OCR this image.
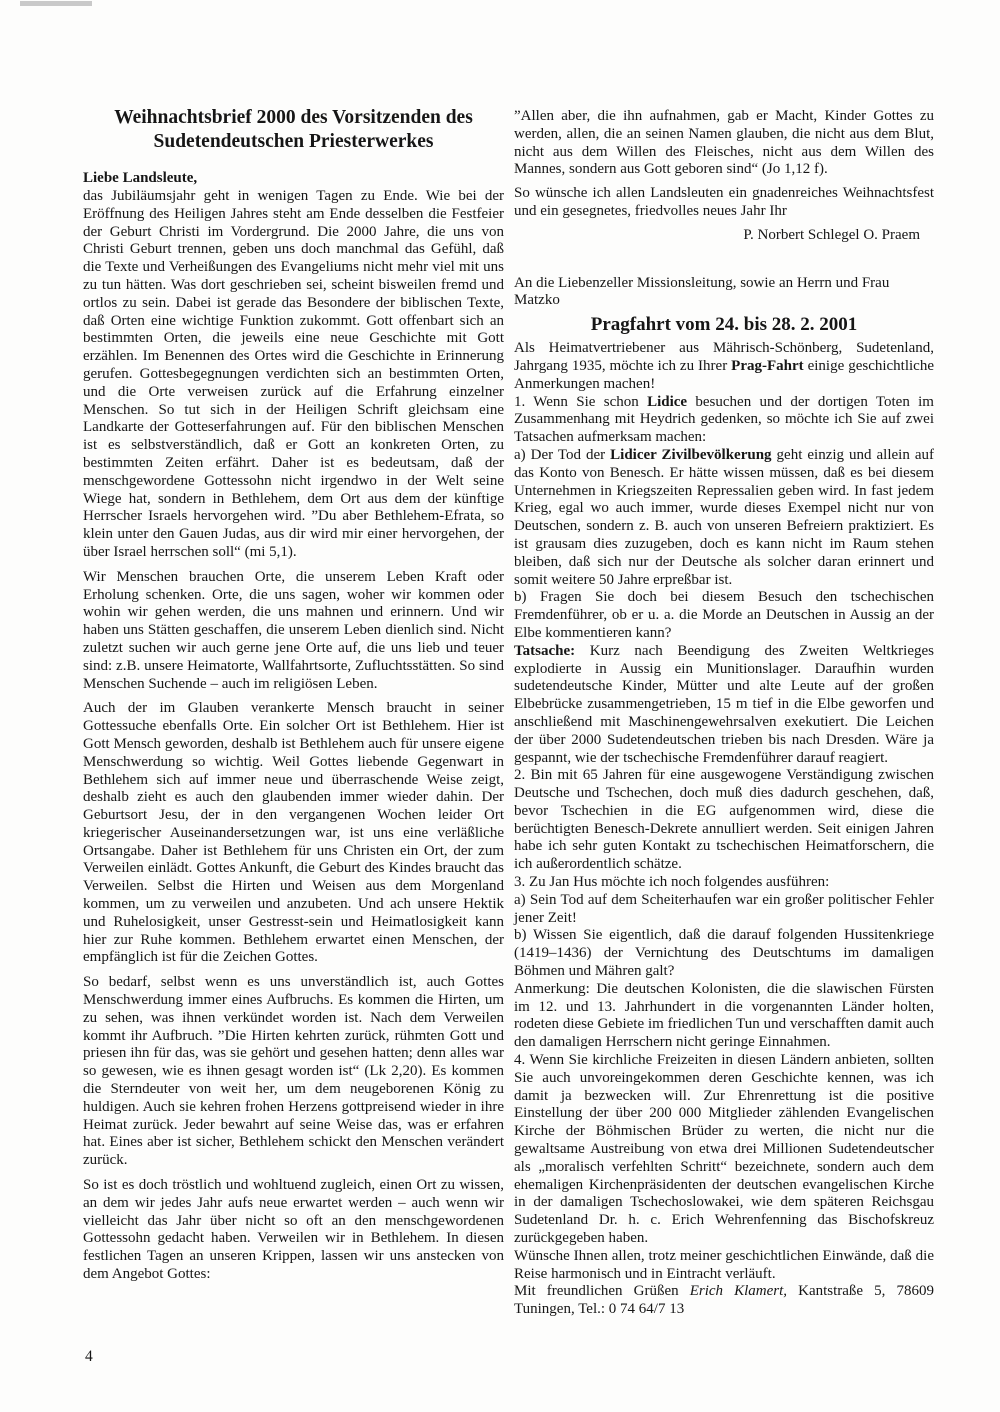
Weihnachtsbrief 2000 des Vorsitzenden des
Sudetendeutschen Priesterwerkes

Liebe Landsleute,

das Jubiläumsjahr geht in wenigen Tagen zu Ende. Wie bei der Eröffnung des Heiligen Jahres steht am Ende desselben die Festfeier der Geburt Christi im Vordergrund. Die 2000 Jahre, die uns von Christi Geburt trennen, geben uns doch manchmal das Gefühl, daß die Texte und Verheißungen des Evangeliums nicht mehr viel mit uns zu tun hätten. Was dort geschrieben sei, scheint bisweilen fremd und ortlos zu sein. Dabei ist gerade das Besondere der biblischen Texte, daß Orten eine wichtige Funktion zukommt. Gott offenbart sich an bestimmten Orten, die jeweils eine neue Geschichte mit Gott erzählen. Im Benennen des Ortes wird die Geschichte in Erinnerung gerufen. Gottesbegegnungen verdichten sich an bestimmten Orten, und die Orte verweisen zurück auf die Erfahrung einzelner Menschen. So tut sich in der Heiligen Schrift gleichsam eine Landkarte der Gotteserfahrungen auf. Für den biblischen Menschen ist es selbstverständlich, daß er Gott an konkreten Orten, zu bestimmten Zeiten erfährt. Daher ist es bedeutsam, daß der menschgewordene Gottessohn nicht irgendwo in der Welt seine Wiege hat, sondern in Bethlehem, dem Ort aus dem der künftige Herrscher Israels hervorgehen wird. ”Du aber Bethlehem-Efrata, so klein unter den Gauen Judas, aus dir wird mir einer hervorgehen, der über Israel herrschen soll“ (mi 5,1).

Wir Menschen brauchen Orte, die unserem Leben Kraft oder Erholung schenken. Orte, die uns sagen, woher wir kommen oder wohin wir gehen werden, die uns mahnen und erinnern. Und wir haben uns Stätten geschaffen, die unserem Leben dienlich sind. Nicht zuletzt suchen wir auch gerne jene Orte auf, die uns lieb und teuer sind: z.B. unsere Heimatorte, Wallfahrtsorte, Zufluchtsstätten. So sind Menschen Suchende – auch im religiösen Leben.

Auch der im Glauben verankerte Mensch braucht in seiner Gottessuche ebenfalls Orte. Ein solcher Ort ist Bethlehem. Hier ist Gott Mensch geworden, deshalb ist Bethlehem auch für unsere eigene Menschwerdung so wichtig. Weil Gottes liebende Gegenwart in Bethlehem sich auf immer neue und überraschende Weise zeigt, deshalb zieht es auch den glaubenden immer wieder dahin. Der Geburtsort Jesu, der in den vergangenen Wochen leider Ort kriegerischer Auseinandersetzungen war, ist uns eine verläßliche Ortsangabe. Daher ist Bethlehem für uns Christen ein Ort, der zum Verweilen einlädt. Gottes Ankunft, die Geburt des Kindes braucht das Verweilen. Selbst die Hirten und Weisen aus dem Morgenland kommen, um zu verweilen und anzubeten. Und ach unsere Hektik und Ruhelosigkeit, unser Gestresst-sein und Heimatlosigkeit kann hier zur Ruhe kommen. Bethlehem erwartet einen Menschen, der empfänglich ist für die Zeichen Gottes.

So bedarf, selbst wenn es uns unverständlich ist, auch Gottes Menschwerdung immer eines Aufbruchs. Es kommen die Hirten, um zu sehen, was ihnen verkündet worden ist. Nach dem Verweilen kommt ihr Aufbruch. ”Die Hirten kehrten zurück, rühmten Gott und priesen ihn für das, was sie gehört und gesehen hatten; denn alles war so gewesen, wie es ihnen gesagt worden ist“ (Lk 2,20). Es kommen die Sterndeuter von weit her, um dem neugeborenen König zu huldigen. Auch sie kehren frohen Herzens gottpreisend wieder in ihre Heimat zurück. Jeder bewahrt auf seine Weise das, was er erfahren hat. Eines aber ist sicher, Bethlehem schickt den Menschen verändert zurück.

So ist es doch tröstlich und wohltuend zugleich, einen Ort zu wissen, an dem wir jedes Jahr aufs neue erwartet werden – auch wenn wir vielleicht das Jahr über nicht so oft an den menschgewordenen Gottessohn gedacht haben. Verweilen wir in Bethlehem. In diesen festlichen Tagen an unseren Krippen, lassen wir uns anstecken von dem Angebot Gottes:

”Allen aber, die ihn aufnahmen, gab er Macht, Kinder Gottes zu werden, allen, die an seinen Namen glauben, die nicht aus dem Blut, nicht aus dem Willen des Fleisches, nicht aus dem Willen des Mannes, sondern aus Gott geboren sind“ (Jo 1,12 f).

So wünsche ich allen Landsleuten ein gnadenreiches Weihnachtsfest und ein gesegnetes, friedvolles neues Jahr Ihr

P. Norbert Schlegel O. Praem

An die Liebenzeller Missionsleitung, sowie an Herrn und Frau Matzko

Pragfahrt vom 24. bis 28. 2. 2001

Als Heimatvertriebener aus Mährisch-Schönberg, Sudetenland, Jahrgang 1935, möchte ich zu Ihrer Prag-Fahrt einige geschichtliche Anmerkungen machen!

1. Wenn Sie schon Lidice besuchen und der dortigen Toten im Zusammenhang mit Heydrich gedenken, so möchte ich Sie auf zwei Tatsachen aufmerksam machen:

a) Der Tod der Lidicer Zivilbevölkerung geht einzig und allein auf das Konto von Benesch. Er hätte wissen müssen, daß es bei diesem Unternehmen in Kriegszeiten Repressalien geben wird. In fast jedem Krieg, egal wo auch immer, wurde dieses Exempel nicht nur von Deutschen, sondern z. B. auch von unseren Befreiern praktiziert. Es ist grausam dies zuzugeben, doch es kann nicht im Raum stehen bleiben, daß sich nur der Deutsche als solcher daran erinnert und somit weitere 50 Jahre erpreßbar ist.

b) Fragen Sie doch bei diesem Besuch den tschechischen Fremdenführer, ob er u. a. die Morde an Deutschen in Aussig an der Elbe kommentieren kann?

Tatsache: Kurz nach Beendigung des Zweiten Weltkrieges explodierte in Aussig ein Munitionslager. Daraufhin wurden sudetendeutsche Kinder, Mütter und alte Leute auf der großen Elbebrücke zusammengetrieben, 15 m tief in die Elbe geworfen und anschließend mit Maschinengewehrsalven exekutiert. Die Leichen der über 2000 Sudetendeutschen trieben bis nach Dresden. Wäre ja gespannt, wie der tschechische Fremdenführer darauf reagiert.

2. Bin mit 65 Jahren für eine ausgewogene Verständigung zwischen Deutsche und Tschechen, doch muß dies dadurch geschehen, daß, bevor Tschechien in die EG aufgenommen wird, diese die berüchtigten Benesch-Dekrete annulliert werden. Seit einigen Jahren habe ich sehr guten Kontakt zu tschechischen Heimatforschern, die ich außerordentlich schätze.

3. Zu Jan Hus möchte ich noch folgendes ausführen:

a) Sein Tod auf dem Scheiterhaufen war ein großer politischer Fehler jener Zeit!

b) Wissen Sie eigentlich, daß die darauf folgenden Hussitenkriege (1419–1436) der Vernichtung des Deutschtums im damaligen Böhmen und Mähren galt?

Anmerkung: Die deutschen Kolonisten, die die slawischen Fürsten im 12. und 13. Jahrhundert in die vorgenannten Länder holten, rodeten diese Gebiete im friedlichen Tun und verschafften damit auch den damaligen Herrschern nicht geringe Einnahmen.

4. Wenn Sie kirchliche Freizeiten in diesen Ländern anbieten, sollten Sie auch unvoreingekommen deren Geschichte kennen, was ich damit ja bezwecken will. Zur Ehrenrettung ist die positive Einstellung der über 200 000 Mitglieder zählenden Evangelischen Kirche der Böhmischen Brüder zu werten, die nicht nur die gewaltsame Austreibung von etwa drei Millionen Sudetendeutscher als „moralisch verfehlten Schritt“ bezeichnete, sondern auch dem ehemaligen Kirchenpräsidenten der deutschen evangelischen Kirche in der damaligen Tschechoslowakei, wie dem späteren Reichsgau Sudetenland Dr. h. c. Erich Wehrenfenning das Bischofskreuz zurückgegeben haben.

Wünsche Ihnen allen, trotz meiner geschichtlichen Einwände, daß die Reise harmonisch und in Eintracht verläuft.

Mit freundlichen Grüßen Erich Klamert, Kantstraße 5, 78609 Tuningen, Tel.: 0 74 64/7 13

4
